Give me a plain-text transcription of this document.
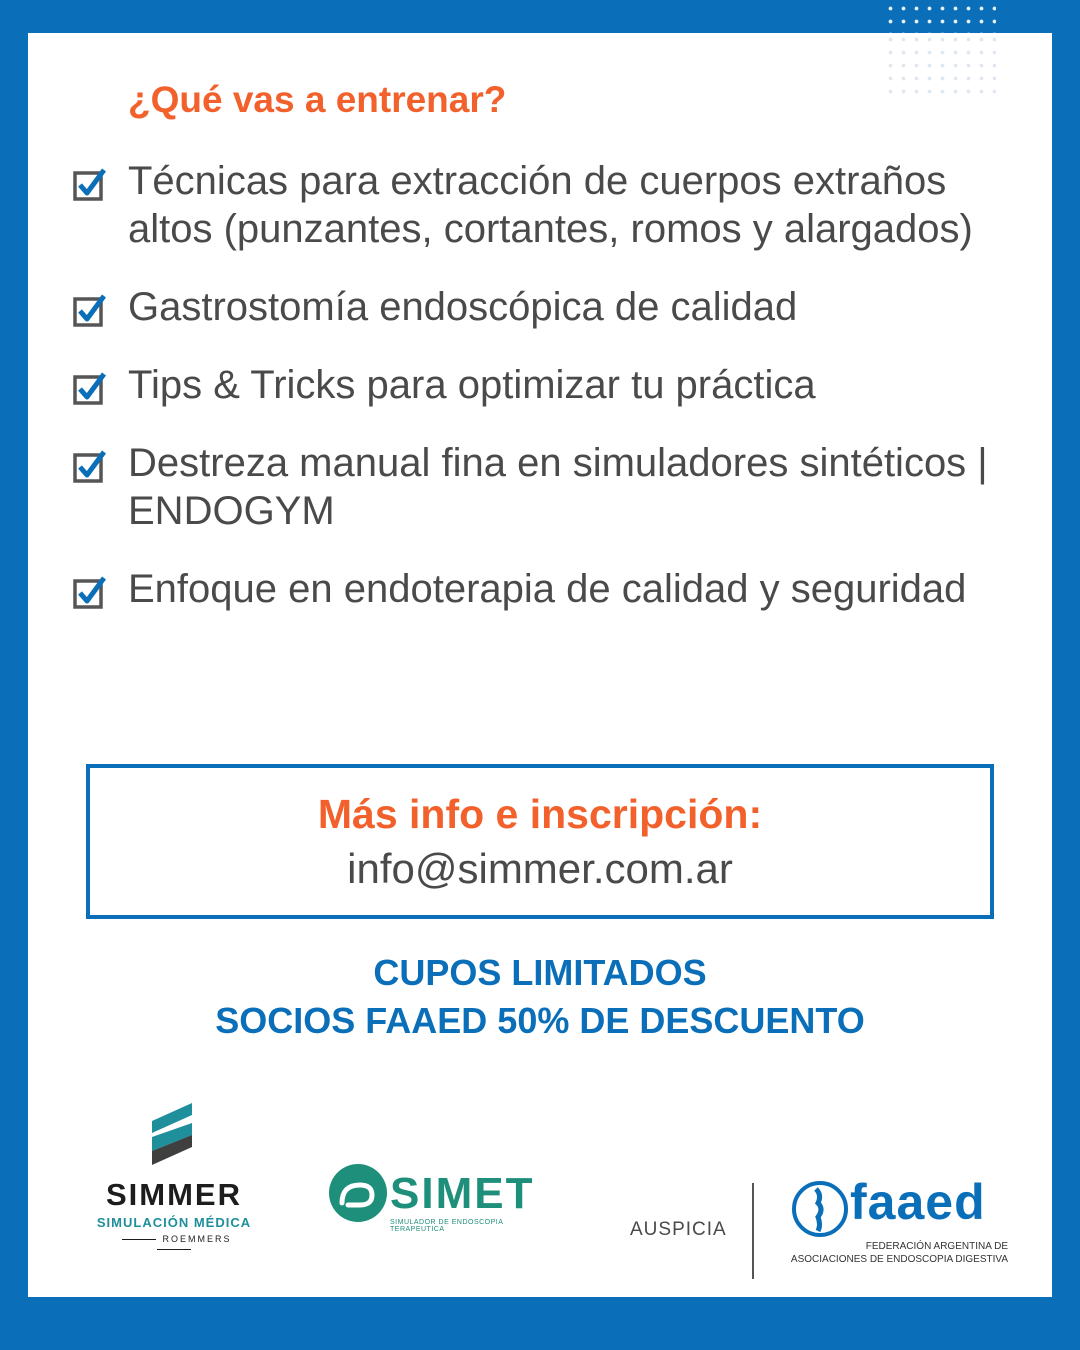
¿Qué vas a entrenar?
Técnicas para extracción de cuerpos extraños altos (punzantes, cortantes, romos y alargados)
Gastrostomía endoscópica de calidad
Tips & Tricks para optimizar tu práctica
Destreza manual fina en simuladores sintéticos | ENDOGYM
Enfoque en endoterapia de calidad y seguridad
Más info e inscripción:
info@simmer.com.ar
CUPOS LIMITADOS
SOCIOS FAAED 50% DE DESCUENTO
SIMMER
SIMULACIÓN MÉDICA
ROEMMERS
SIMET
SIMULADOR DE ENDOSCOPIA TERAPEUTICA	AUSPICIA faaed
FEDERACIÓN ARGENTINA DE
ASOCIACIONES DE ENDOSCOPIA DIGESTIVA
